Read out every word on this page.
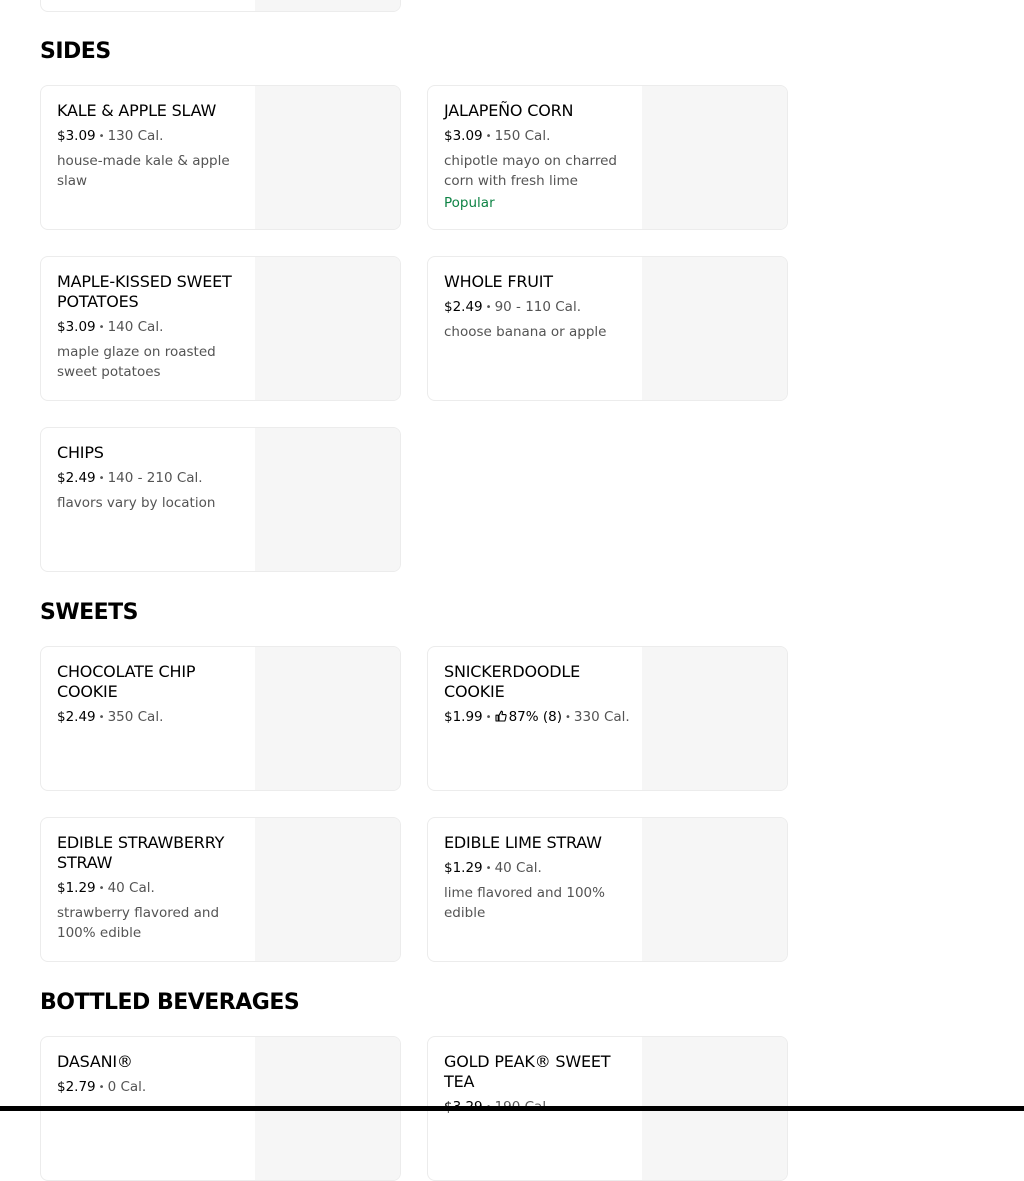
SIDES
KALE & APPLE SLAW
$3.09 • 130 Cal.
house-made kale & apple slaw
JALAPEÑO CORN
$3.09 • 150 Cal.
chipotle mayo on charred corn with fresh lime
Popular
MAPLE-KISSED SWEET POTATOES
$3.09 • 140 Cal.
maple glaze on roasted sweet potatoes
WHOLE FRUIT
$2.49 • 90 - 110 Cal.
choose banana or apple
CHIPS
$2.49 • 140 - 210 Cal.
flavors vary by location
SWEETS
CHOCOLATE CHIP COOKIE
$2.49 • 350 Cal.
SNICKERDOODLE COOKIE
$1.99 • 87% (8) • 330 Cal.
EDIBLE STRAWBERRY STRAW
$1.29 • 40 Cal.
strawberry flavored and 100% edible
EDIBLE LIME STRAW
$1.29 • 40 Cal.
lime flavored and 100% edible
BOTTLED BEVERAGES
DASANI®
$2.79 • 0 Cal.
GOLD PEAK® SWEET TEA
